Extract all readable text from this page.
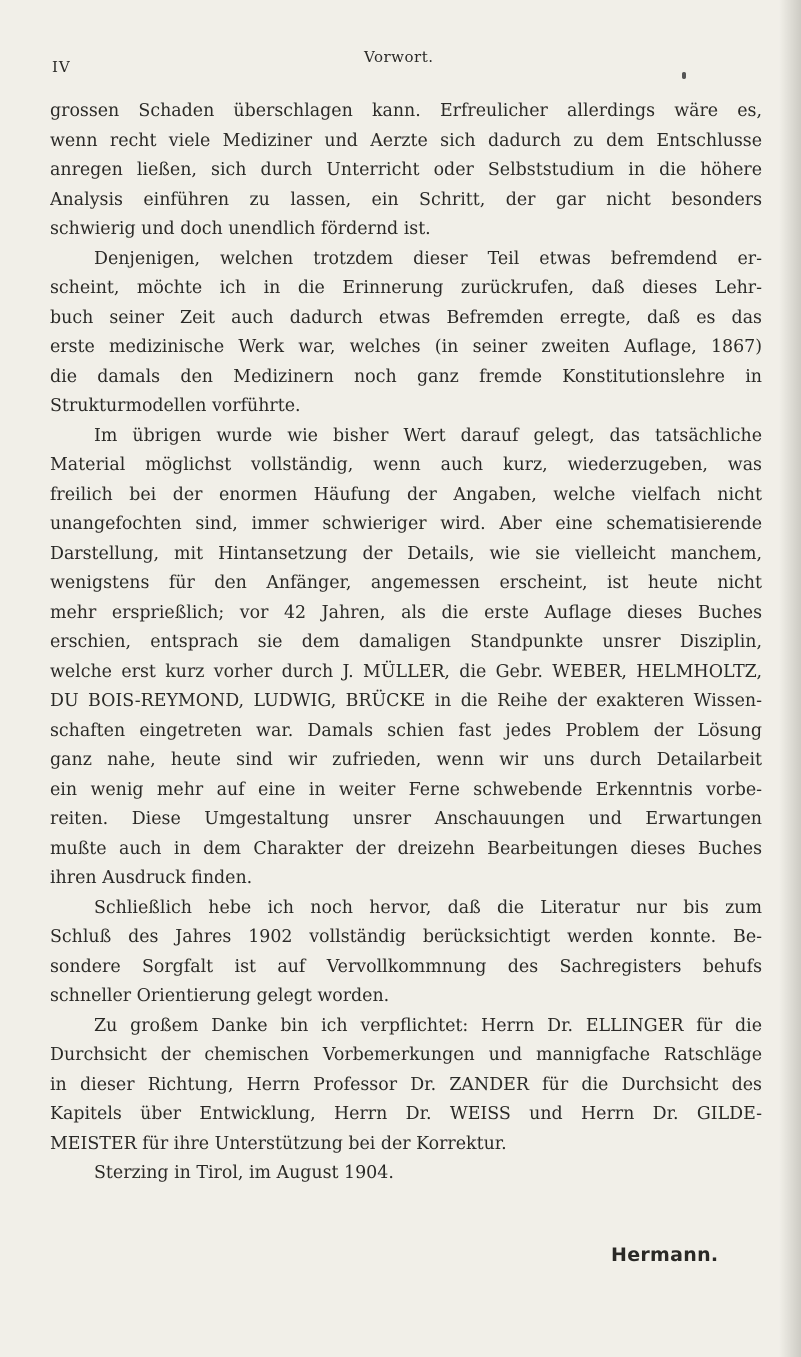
IV
Vorwort.
grossen Schaden überschlagen kann. Erfreulicher allerdings wäre es,
wenn recht viele Mediziner und Aerzte sich dadurch zu dem Entschlusse
anregen ließen, sich durch Unterricht oder Selbststudium in die höhere
Analysis einführen zu lassen, ein Schritt, der gar nicht besonders
schwierig und doch unendlich fördernd ist.
Denjenigen, welchen trotzdem dieser Teil etwas befremdend er-
scheint, möchte ich in die Erinnerung zurückrufen, daß dieses Lehr-
buch seiner Zeit auch dadurch etwas Befremden erregte, daß es das
erste medizinische Werk war, welches (in seiner zweiten Auflage, 1867)
die damals den Medizinern noch ganz fremde Konstitutionslehre in
Strukturmodellen vorführte.
Im übrigen wurde wie bisher Wert darauf gelegt, das tatsächliche
Material möglichst vollständig, wenn auch kurz, wiederzugeben, was
freilich bei der enormen Häufung der Angaben, welche vielfach nicht
unangefochten sind, immer schwieriger wird. Aber eine schematisierende
Darstellung, mit Hintansetzung der Details, wie sie vielleicht manchem,
wenigstens für den Anfänger, angemessen erscheint, ist heute nicht
mehr ersprießlich; vor 42 Jahren, als die erste Auflage dieses Buches
erschien, entsprach sie dem damaligen Standpunkte unsrer Disziplin,
welche erst kurz vorher durch J. MÜLLER, die Gebr. WEBER, HELMHOLTZ,
DU BOIS-REYMOND, LUDWIG, BRÜCKE in die Reihe der exakteren Wissen-
schaften eingetreten war. Damals schien fast jedes Problem der Lösung
ganz nahe, heute sind wir zufrieden, wenn wir uns durch Detailarbeit
ein wenig mehr auf eine in weiter Ferne schwebende Erkenntnis vorbe-
reiten. Diese Umgestaltung unsrer Anschauungen und Erwartungen
mußte auch in dem Charakter der dreizehn Bearbeitungen dieses Buches
ihren Ausdruck finden.
Schließlich hebe ich noch hervor, daß die Literatur nur bis zum
Schluß des Jahres 1902 vollständig berücksichtigt werden konnte. Be-
sondere Sorgfalt ist auf Vervollkommnung des Sachregisters behufs
schneller Orientierung gelegt worden.
Zu großem Danke bin ich verpflichtet: Herrn Dr. ELLINGER für die
Durchsicht der chemischen Vorbemerkungen und mannigfache Ratschläge
in dieser Richtung, Herrn Professor Dr. ZANDER für die Durchsicht des
Kapitels über Entwicklung, Herrn Dr. WEISS und Herrn Dr. GILDE-
MEISTER für ihre Unterstützung bei der Korrektur.
Sterzing in Tirol, im August 1904.
Hermann.
